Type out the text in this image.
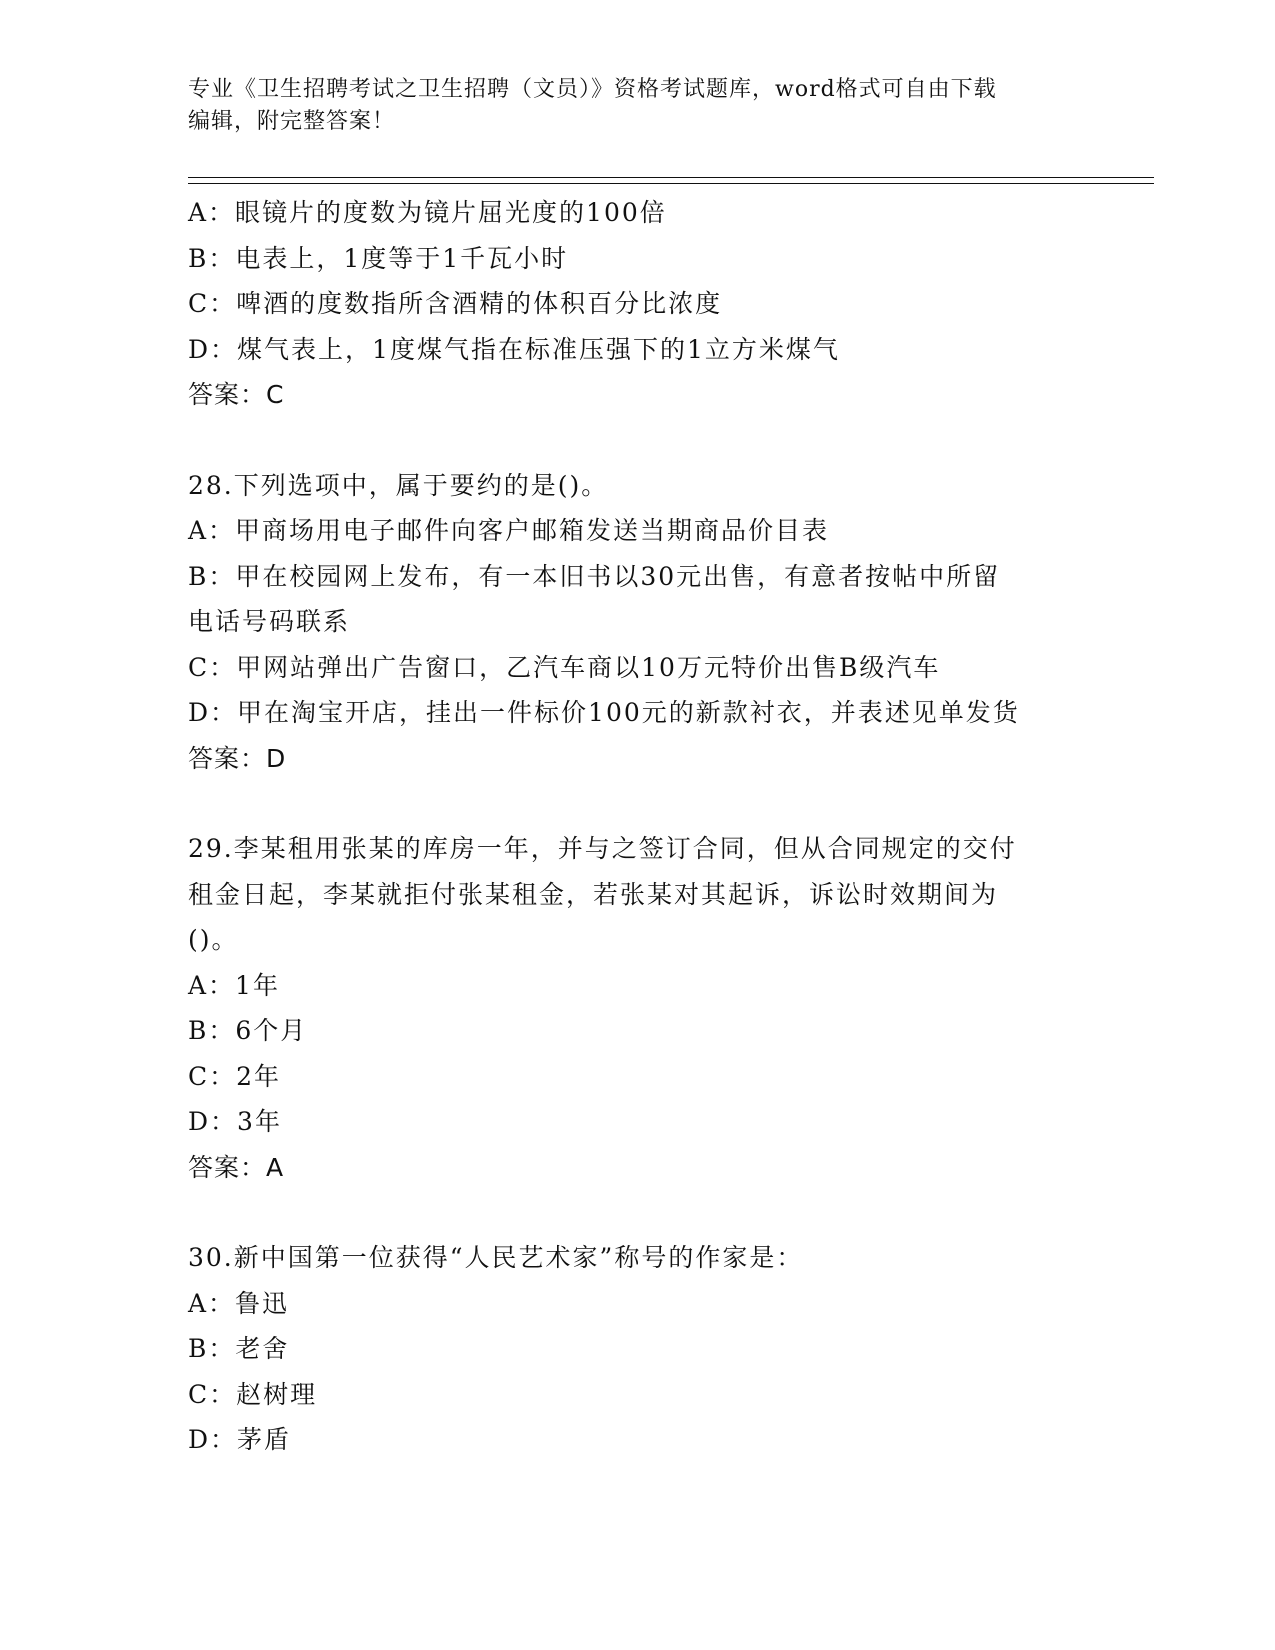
专业《卫生招聘考试之卫生招聘（文员）》资格考试题库，word格式可自由下载
编辑，附完整答案！
A：眼镜片的度数为镜片屈光度的100倍
B：电表上，1度等于1千瓦小时
C：啤酒的度数指所含酒精的体积百分比浓度
D：煤气表上，1度煤气指在标准压强下的1立方米煤气
答案：C
28.下列选项中，属于要约的是()。
A：甲商场用电子邮件向客户邮箱发送当期商品价目表
B：甲在校园网上发布，有一本旧书以30元出售，有意者按帖中所留
电话号码联系
C：甲网站弹出广告窗口，乙汽车商以10万元特价出售B级汽车
D：甲在淘宝开店，挂出一件标价100元的新款衬衣，并表述见单发货
答案：D
29.李某租用张某的库房一年，并与之签订合同，但从合同规定的交付
租金日起，李某就拒付张某租金，若张某对其起诉，诉讼时效期间为
()。
A：1年
B：6个月
C：2年
D：3年
答案：A
30.新中国第一位获得“人民艺术家”称号的作家是：
A：鲁迅
B：老舍
C：赵树理
D：茅盾
